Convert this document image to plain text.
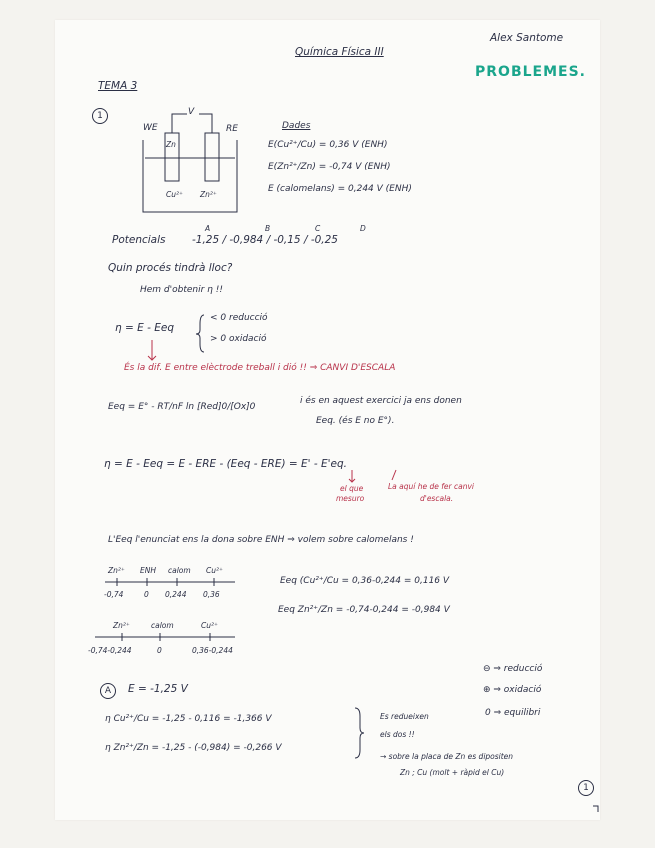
Alex Santome
Química Física III
PROBLEMES.
TEMA 3
1	V
WE	RE
Zn
Cu²⁺ Zn²⁺
Dades
E(Cu²⁺/Cu) = 0,36 V (ENH)
E(Zn²⁺/Zn) = -0,74 V (ENH)
E (calomelans) = 0,244 V (ENH)
A	B	C	D
Potencials	-1,25 / -0,984 / -0,15 / -0,25
Quin procés tindrà lloc?
Hem d'obtenir η !!
η = E - Eeq
< 0 reducció
> 0 oxidació
És la dif. E entre elèctrode treball i dió !! ⇒ CANVI D'ESCALA
Eeq = E° - RT/nF ln [Red]0/[Ox]0
i és en aquest exercici ja ens donen
Eeq. (és E no E°).
η = E - Eeq = E - ERE - (Eeq - ERE) = E' - E'eq.
el que
mesuro
La aquí he de fer canvi
d'escala.
L'Eeq l'enunciat ens la dona sobre ENH ⇒ volem sobre calomelans !
Zn²⁺ ENH calom Cu²⁺
-0,74	0 0,244 0,36
Zn²⁺	calom	Cu²⁺
-0,74-0,244	0	0,36-0,244
Eeq (Cu²⁺/Cu = 0,36-0,244 = 0,116 V
Eeq Zn²⁺/Zn = -0,74-0,244 = -0,984 V
⊖ ⇒ reducció
⊕ ⇒ oxidació
0 ⇒ equilibri
A	E = -1,25 V
η Cu²⁺/Cu = -1,25 - 0,116 = -1,366 V
η Zn²⁺/Zn = -1,25 - (-0,984) = -0,266 V
Es redueixen
els dos !!
→ sobre la placa de Zn es dipositen
Zn ; Cu (molt + ràpid el Cu)
1
